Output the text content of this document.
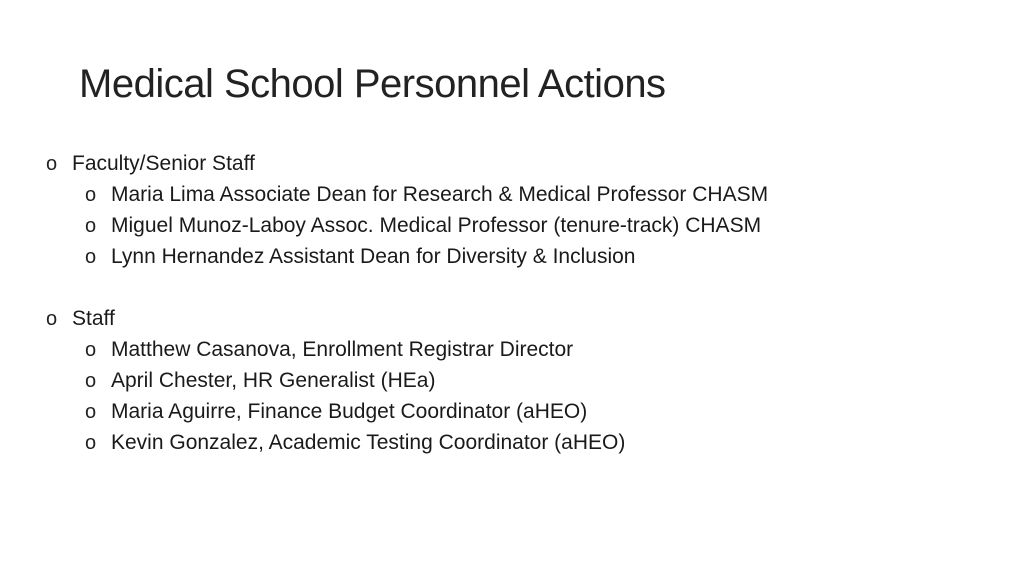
Medical School Personnel Actions
o Faculty/Senior Staff
o Maria Lima Associate Dean for Research & Medical Professor CHASM
o Miguel Munoz-Laboy Assoc. Medical Professor (tenure-track) CHASM
o Lynn Hernandez Assistant Dean for Diversity & Inclusion
o Staff
o Matthew Casanova, Enrollment Registrar Director
o April Chester, HR Generalist (HEa)
o Maria Aguirre, Finance Budget Coordinator (aHEO)
o Kevin Gonzalez, Academic Testing Coordinator (aHEO)
